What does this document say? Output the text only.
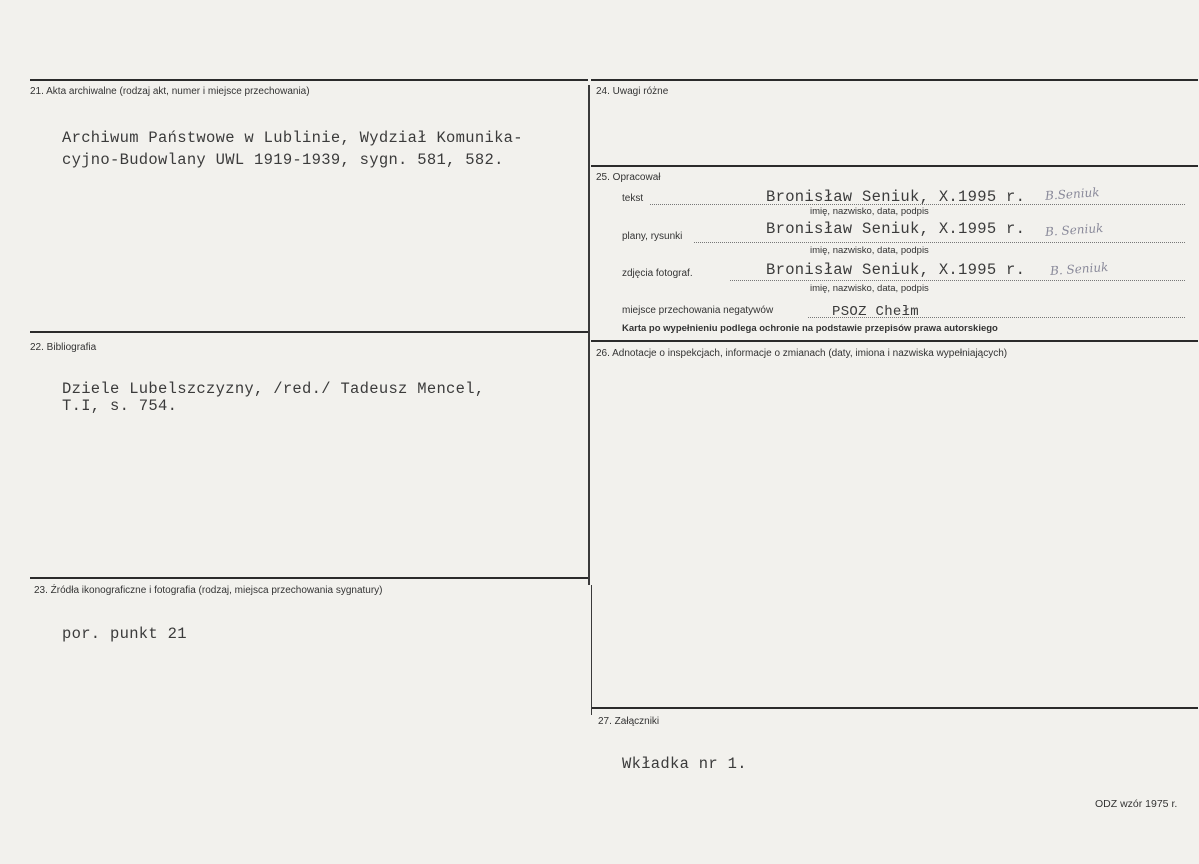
21. Akta archiwalne (rodzaj akt, numer i miejsce przechowania)
Archiwum Państwowe w Lublinie, Wydział Komunika-
cyjno-Budowlany UWL 1919-1939, sygn. 581, 582.
22. Bibliografia
Dziele Lubelszczyzny, /red./ Tadeusz Mencel,
T.I, s. 754.
23. Źródła ikonograficzne i fotografia (rodzaj, miejsca przechowania sygnatury)
por. punkt 21
24. Uwagi różne
25. Opracował
tekst	Bronisław Seniuk, X.1995 r. B.Seniuk
imię, nazwisko, data, podpis
plany, rysunki	Bronisław Seniuk, X.1995 r. B. Seniuk
imię, nazwisko, data, podpis
zdjęcia fotograf.	Bronisław Seniuk, X.1995 r. B. Seniuk
imię, nazwisko, data, podpis
miejsce przechowania negatywów	PSOZ Chełm
Karta po wypełnieniu podlega ochronie na podstawie przepisów prawa autorskiego
26. Adnotacje o inspekcjach, informacje o zmianach (daty, imiona i nazwiska wypełniających)
27. Załączniki
Wkładka nr 1.
ODZ wzór 1975 r.
